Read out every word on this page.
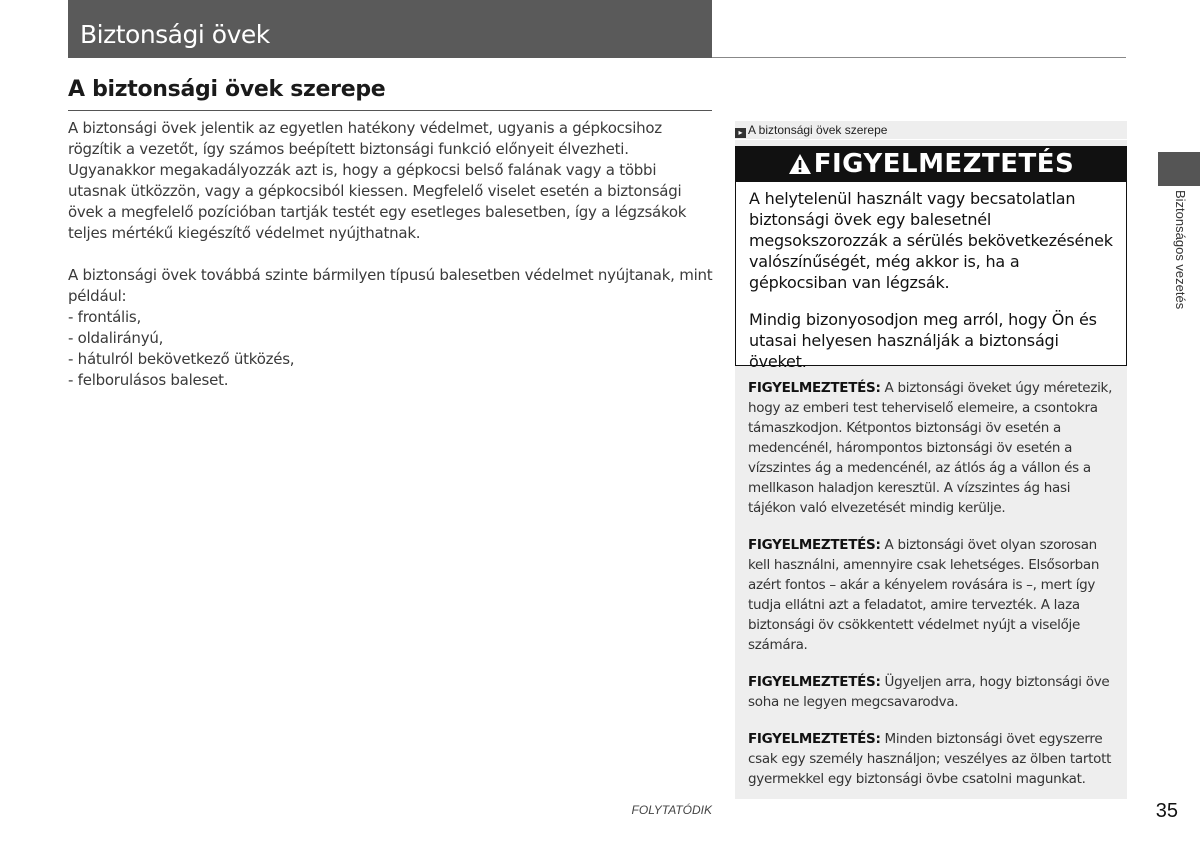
Biztonsági övek
A biztonsági övek szerepe

A biztonsági övek jelentik az egyetlen hatékony védelmet, ugyanis a gépkocsihoz rögzítik a vezetőt, így számos beépített biztonsági funkció előnyeit élvezheti. Ugyanakkor megakadályozzák azt is, hogy a gépkocsi belső falának vagy a többi utasnak ütközzön, vagy a gépkocsiból kiessen. Megfelelő viselet esetén a biztonsági övek a megfelelő pozícióban tartják testét egy esetleges balesetben, így a légzsákok teljes mértékű kiegészítő védelmet nyújthatnak.

A biztonsági övek továbbá szinte bármilyen típusú balesetben védelmet nyújtanak, mint például:

- frontális,
- oldalirányú,
- hátulról bekövetkező ütközés,
- felborulásos baleset.
▸ A biztonsági övek szerepe
FIGYELMEZTETÉS

A helytelenül használt vagy becsatolatlan biztonsági övek egy balesetnél megsokszorozzák a sérülés bekövetkezésének valószínűségét, még akkor is, ha a gépkocsiban van légzsák.

Mindig bizonyosodjon meg arról, hogy Ön és utasai helyesen használják a biztonsági öveket.

FIGYELMEZTETÉS: A biztonsági öveket úgy méretezik, hogy az emberi test teherviselő elemeire, a csontokra támaszkodjon. Kétpontos biztonsági öv esetén a medencénél, hárompontos biztonsági öv esetén a vízszintes ág a medencénél, az átlós ág a vállon és a mellkason haladjon keresztül. A vízszintes ág hasi tájékon való elvezetését mindig kerülje.

FIGYELMEZTETÉS: A biztonsági övet olyan szorosan kell használni, amennyire csak lehetséges. Elsősorban azért fontos – akár a kényelem rovására is –, mert így tudja ellátni azt a feladatot, amire tervezték. A laza biztonsági öv csökkentett védelmet nyújt a viselője számára.

FIGYELMEZTETÉS: Ügyeljen arra, hogy biztonsági öve soha ne legyen megcsavarodva.

FIGYELMEZTETÉS: Minden biztonsági övet egyszerre csak egy személy használjon; veszélyes az ölben tartott gyermekkel egy biztonsági övbe csatolni magunkat.

Biztonságos vezetés
FOLYTATÓDIK	35
